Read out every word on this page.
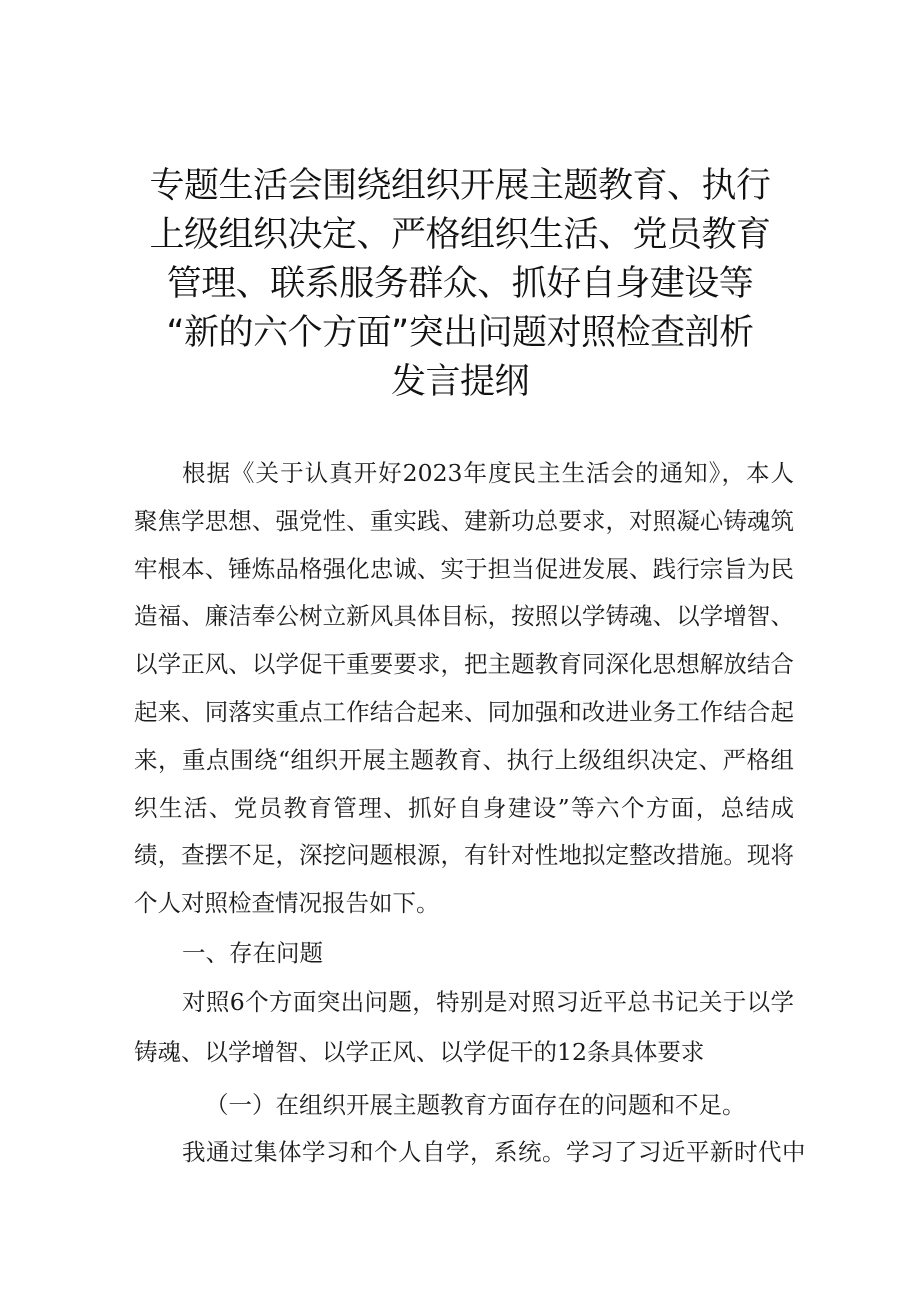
专题生活会围绕组织开展主题教育、执行
上级组织决定、严格组织生活、党员教育
管理、联系服务群众、抓好自身建设等
“新的六个方面”突出问题对照检查剖析
发言提纲
根据《关于认真开好2023年度民主生活会的通知》，本人
聚焦学思想、强党性、重实践、建新功总要求，对照凝心铸魂筑
牢根本、锤炼品格强化忠诚、实于担当促进发展、践行宗旨为民
造福、廉洁奉公树立新风具体目标，按照以学铸魂、以学增智、
以学正风、以学促干重要要求，把主题教育同深化思想解放结合
起来、同落实重点工作结合起来、同加强和改进业务工作结合起
来，重点围绕“组织开展主题教育、执行上级组织决定、严格组
织生活、党员教育管理、抓好自身建设”等六个方面，总结成
绩，查摆不足，深挖问题根源，有针对性地拟定整改措施。现将
个人对照检查情况报告如下。
一、存在问题
对照6个方面突出问题，特别是对照习近平总书记关于以学
铸魂、以学增智、以学正风、以学促干的12条具体要求
（一）在组织开展主题教育方面存在的问题和不足。
我通过集体学习和个人自学，系统。学习了习近平新时代中
